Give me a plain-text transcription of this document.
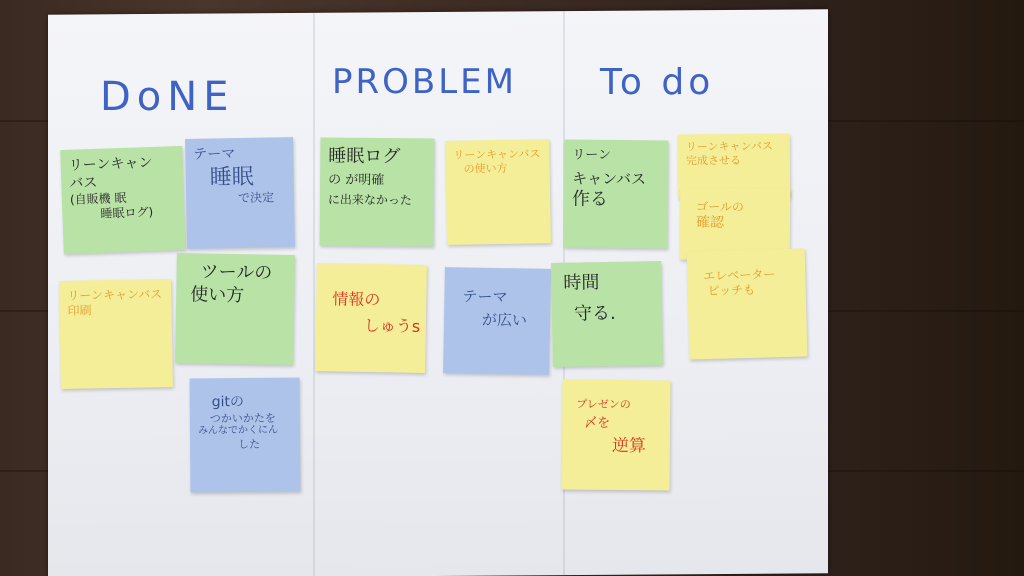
DoNE	PROBLEM To do
リーンキャン
バス
(自販機 眠
睡眠ログ)
テーマ
睡眠
で決定
リーンキャンバス
印刷
ツールの
使い方
gitの
つかいかたを
みんなでかくにん
した
睡眠ログ
の が明確
に出来なかった
リーンキャンバス
の使い方
情報の
しゅうs
テーマ
が広い
リーン
キャンバス
作る
リーンキャンバス
完成させる
ゴールの
確認
時間
守る.
エレベーター
ピッチも
プレゼンの
〆を
逆算
